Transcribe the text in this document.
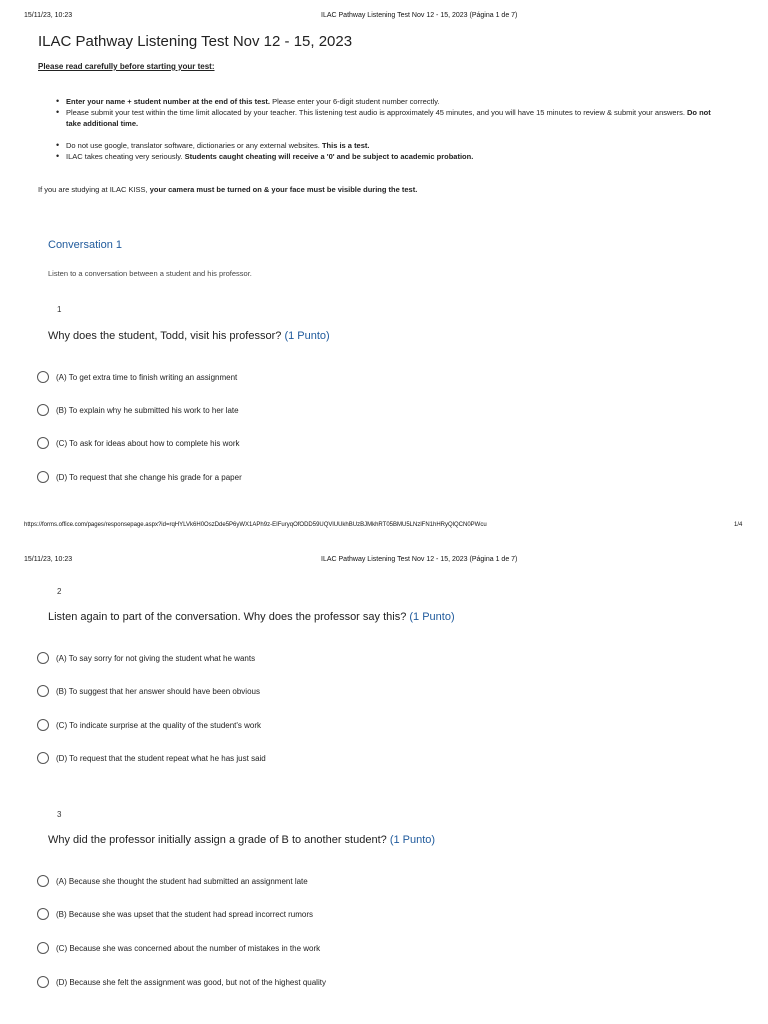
15/11/23, 10:23	ILAC Pathway Listening Test Nov 12 - 15, 2023 (Página 1 de 7)
ILAC Pathway Listening Test Nov 12 - 15, 2023
Please read carefully before starting your test:
• Enter your name + student number at the end of this test. Please enter your 6-digit student number correctly.
• Please submit your test within the time limit allocated by your teacher. This listening test audio is approximately 45 minutes, and you will have 15 minutes to review & submit your answers. Do not take additional time.
• Do not use google, translator software, dictionaries or any external websites. This is a test.
• ILAC takes cheating very seriously. Students caught cheating will receive a '0' and be subject to academic probation.
If you are studying at ILAC KISS, your camera must be turned on & your face must be visible during the test.
Conversation 1
Listen to a conversation between a student and his professor.
1
Why does the student, Todd, visit his professor? (1 Punto)
(A) To get extra time to finish writing an assignment
(B) To explain why he submitted his work to her late
(C) To ask for ideas about how to complete his work
(D) To request that she change his grade for a paper
https://forms.office.com/pages/responsepage.aspx?id=rqHYLVk6H0OszDde5P6yWX1APh9z-EIFuryqOfODD59UQVlUUkhBUzBJMkhRT05BMU5LNzlFN1hHRyQlQCN0PWcu	1/4
15/11/23, 10:23	ILAC Pathway Listening Test Nov 12 - 15, 2023 (Página 1 de 7)
2
Listen again to part of the conversation. Why does the professor say this? (1 Punto)
(A) To say sorry for not giving the student what he wants
(B) To suggest that her answer should have been obvious
(C) To indicate surprise at the quality of the student's work
(D) To request that the student repeat what he has just said
3
Why did the professor initially assign a grade of B to another student? (1 Punto)
(A) Because she thought the student had submitted an assignment late
(B) Because she was upset that the student had spread incorrect rumors
(C) Because she was concerned about the number of mistakes in the work
(D) Because she felt the assignment was good, but not of the highest quality
